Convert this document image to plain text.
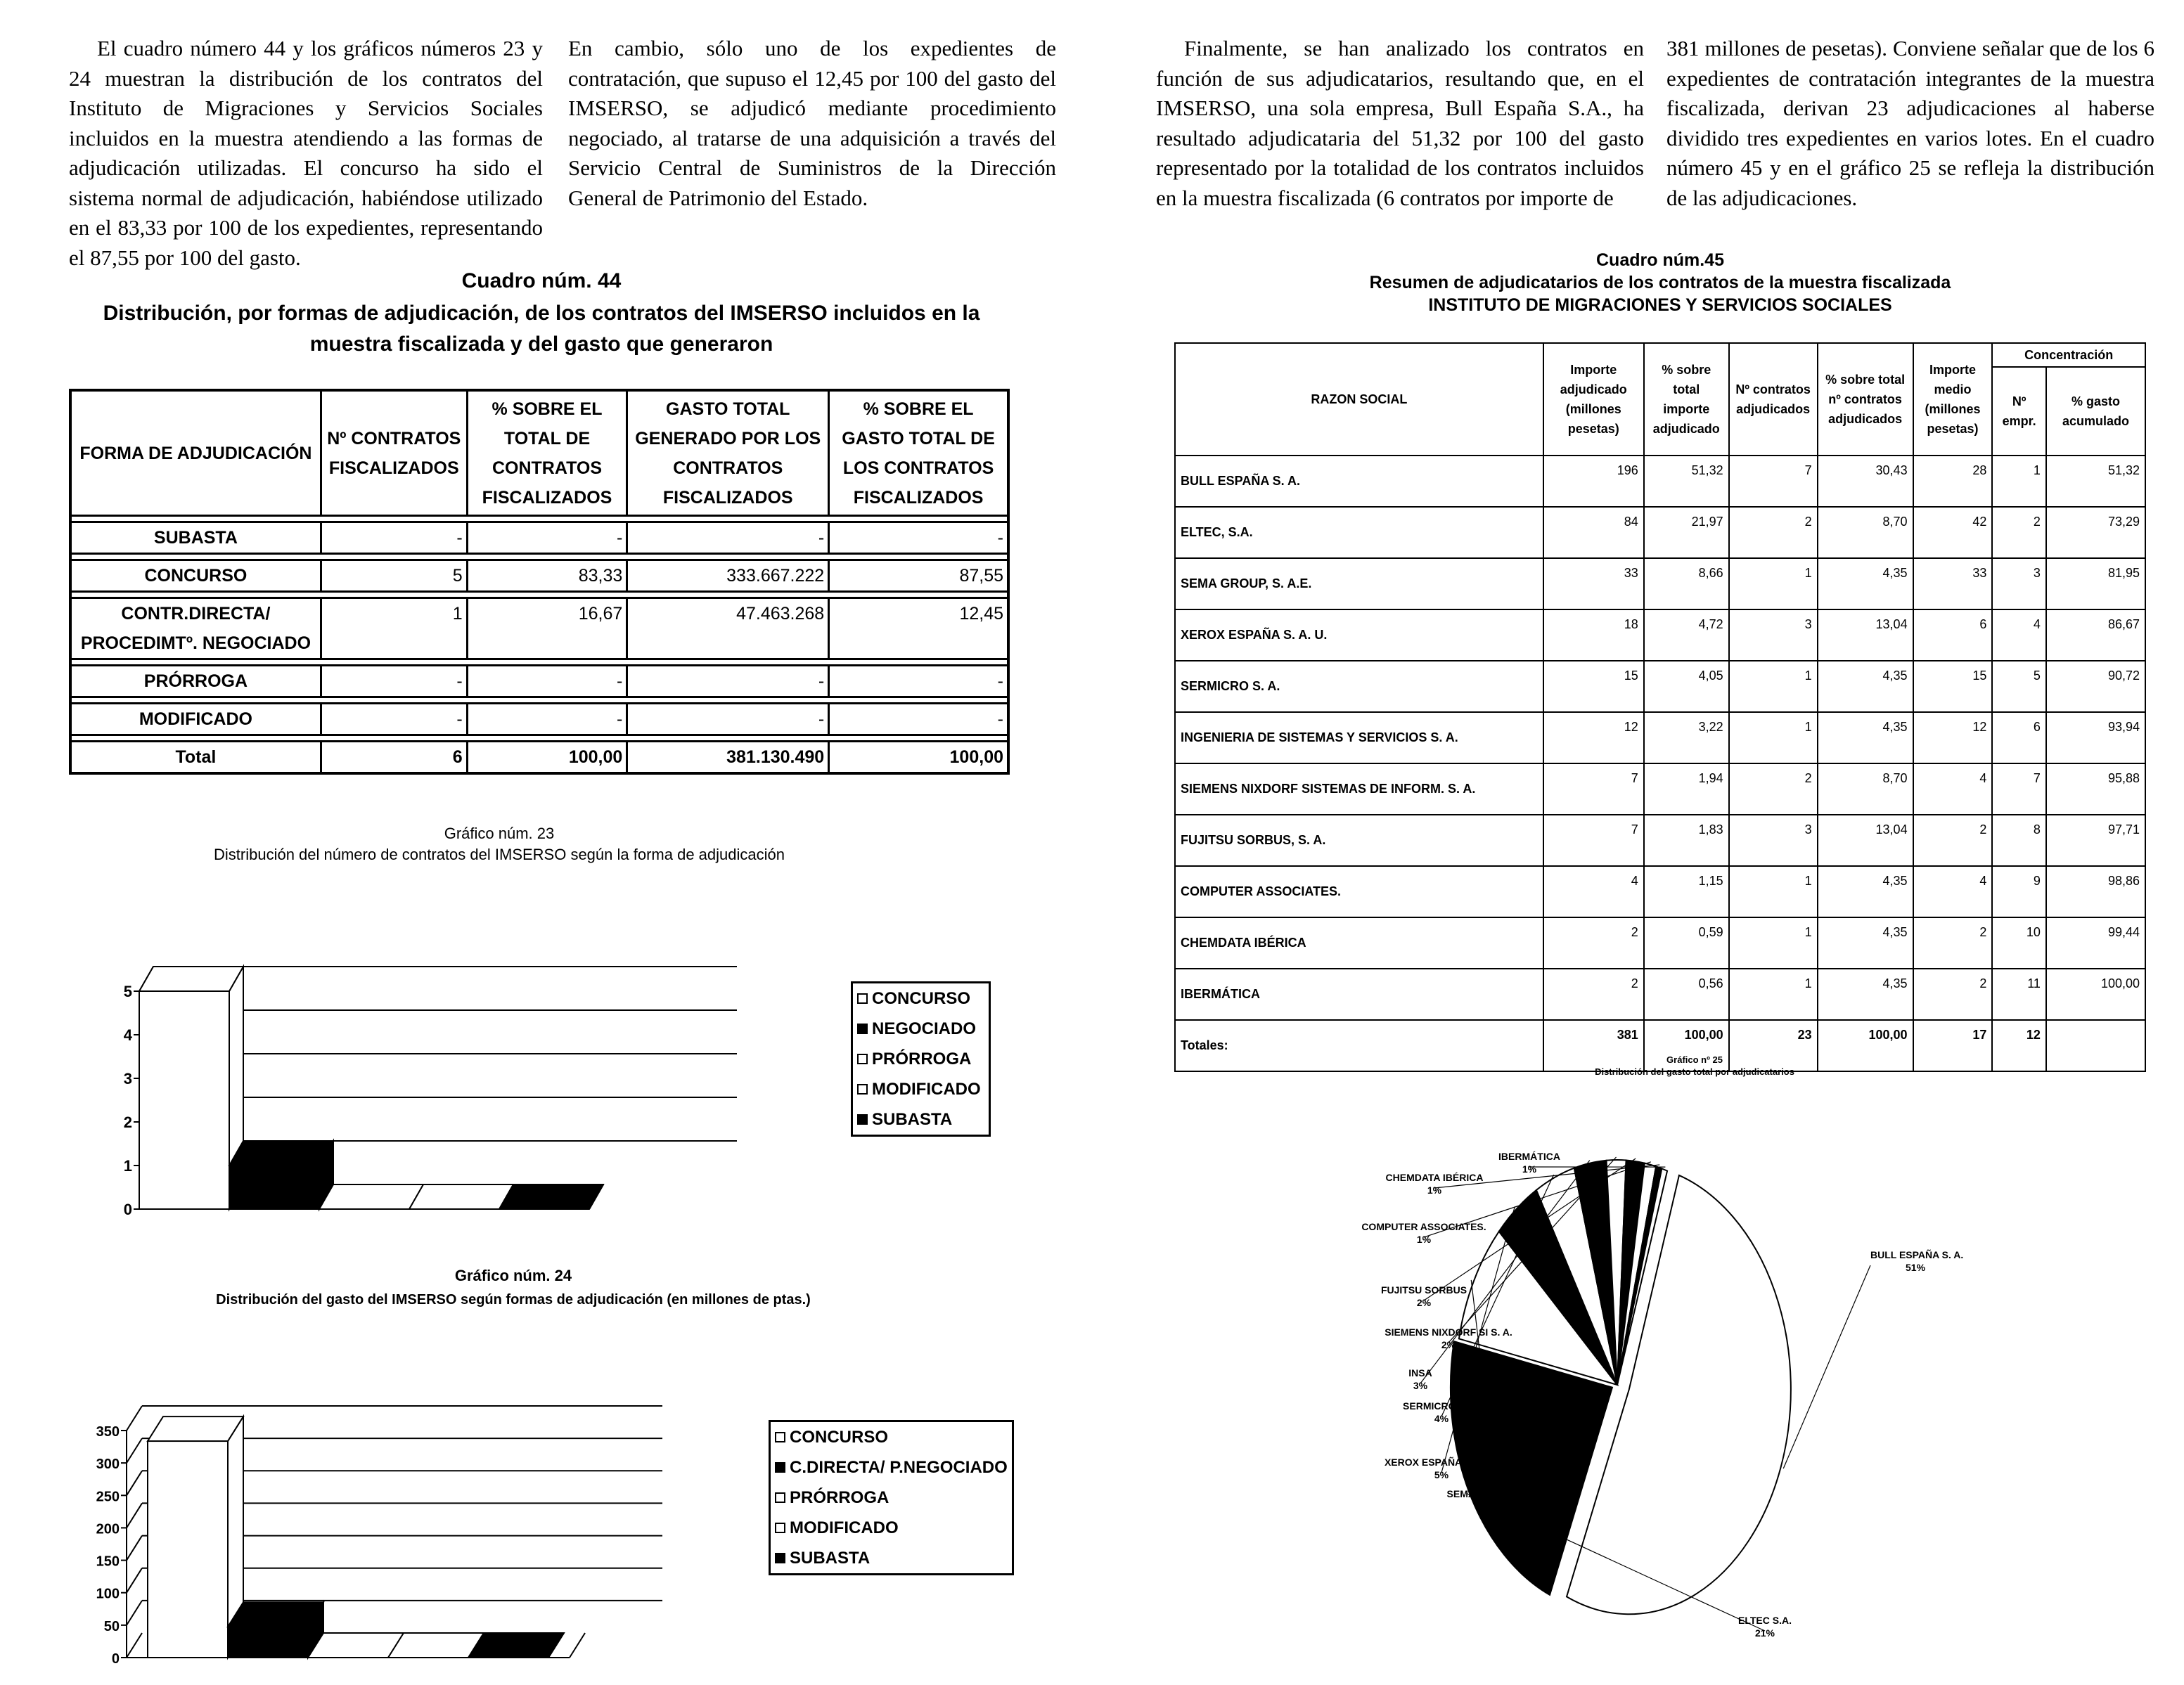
El cuadro número 44 y los gráficos números 23 y 24 muestran la distribución de los contratos del Instituto de Migraciones y Servicios Sociales incluidos en la muestra atendiendo a las formas de adjudicación utilizadas. El concurso ha sido el sistema normal de adjudicación, habiéndose utilizado en el 83,33 por 100 de los expedientes, representando el 87,55 por 100 del gasto.

En cambio, sólo uno de los expedientes de contratación, que supuso el 12,45 por 100 del gasto del IMSERSO, se adjudicó mediante procedimiento negociado, al tratarse de una adquisición a través del Servicio Central de Suministros de la Dirección General de Patrimonio del Estado.

Finalmente, se han analizado los contratos en función de sus adjudicatarios, resultando que, en el IMSERSO, una sola empresa, Bull España S.A., ha resultado adjudicataria del 51,32 por 100 del gasto representado por la totalidad de los contratos incluidos en la muestra fiscalizada (6 contratos por importe de

381 millones de pesetas). Conviene señalar que de los 6 expedientes de contratación integrantes de la muestra fiscalizada, derivan 23 adjudicaciones al haberse dividido tres expedientes en varios lotes. En el cuadro número 45 y en el gráfico 25 se refleja la distribución de las adjudicaciones.

Cuadro núm. 44
Distribución, por formas de adjudicación, de los contratos del IMSERSO incluidos en la muestra fiscalizada y del gasto que generaron
FORMA DE ADJUDICACIÓN	Nº CONTRATOS FISCALIZADOS	% SOBRE EL TOTAL DE CONTRATOS FISCALIZADOS	GASTO TOTAL GENERADO POR LOS CONTRATOS FISCALIZADOS	% SOBRE EL GASTO TOTAL DE LOS CONTRATOS FISCALIZADOS

SUBASTA	-	-	-	-

CONCURSO	5	83,33	333.667.222	87,55

CONTR.DIRECTA/ PROCEDIMTº. NEGOCIADO	1	16,67	47.463.268	12,45

PRÓRROGA	-	-	-	-

MODIFICADO	-	-	-	-

Total	6	100,00	381.130.490	100,00
Gráfico núm. 23
Distribución del número de contratos del IMSERSO según la forma de adjudicación
0
1
2
3
4
5	CONCURSO
NEGOCIADO
PRÓRROGA
MODIFICADO
SUBASTA
Gráfico núm. 24
Distribución del gasto del IMSERSO según formas de adjudicación (en millones de ptas.)
0
50
100
150
200
250
300
350	CONCURSO
C.DIRECTA/ P.NEGOCIADO
PRÓRROGA
MODIFICADO
SUBASTA
Cuadro núm.45
Resumen de adjudicatarios de los contratos de la muestra fiscalizada
INSTITUTO DE MIGRACIONES Y SERVICIOS SOCIALES
RAZON SOCIAL	Importe adjudicado (millones pesetas)	% sobre total importe adjudicado	Nº contratos adjudicados	% sobre total nº contratos adjudicados	Importe medio (millones pesetas)	Concentración	
						Nº empr.	% gasto acumulado
BULL ESPAÑA S. A.	196	51,32	7	30,43	28	1	51,32
ELTEC, S.A.	84	21,97	2	8,70	42	2	73,29
SEMA GROUP, S. A.E.	33	8,66	1	4,35	33	3	81,95
XEROX ESPAÑA S. A. U.	18	4,72	3	13,04	6	4	86,67
SERMICRO S. A.	15	4,05	1	4,35	15	5	90,72
INGENIERIA DE SISTEMAS Y SERVICIOS S. A.	12	3,22	1	4,35	12	6	93,94
SIEMENS NIXDORF SISTEMAS DE INFORM. S. A.	7	1,94	2	8,70	4	7	95,88
FUJITSU SORBUS, S. A.	7	1,83	3	13,04	2	8	97,71
COMPUTER ASSOCIATES.	4	1,15	1	4,35	4	9	98,86
CHEMDATA IBÉRICA	2	0,59	1	4,35	2	10	99,44
IBERMÁTICA	2	0,56	1	4,35	2	11	100,00
Totales:	381	100,00	23	100,00	17	12	
Gráfico nº 25
Distribución del gasto total por adjudicatarios
BULL ESPAÑA S. A.
51%
ELTEC S.A.
21%
SEMA GROUP, S. A.E.
9%
XEROX ESPAÑA S. A. U.
5%
SERMICRO S. A.
4%
INSA
3%
SIEMENS NIXDORF SI S. A.
2%
FUJITSU SORBUS
2%
COMPUTER ASSOCIATES.
1%
CHEMDATA IBÉRICA
1%
IBERMÁTICA
1%
